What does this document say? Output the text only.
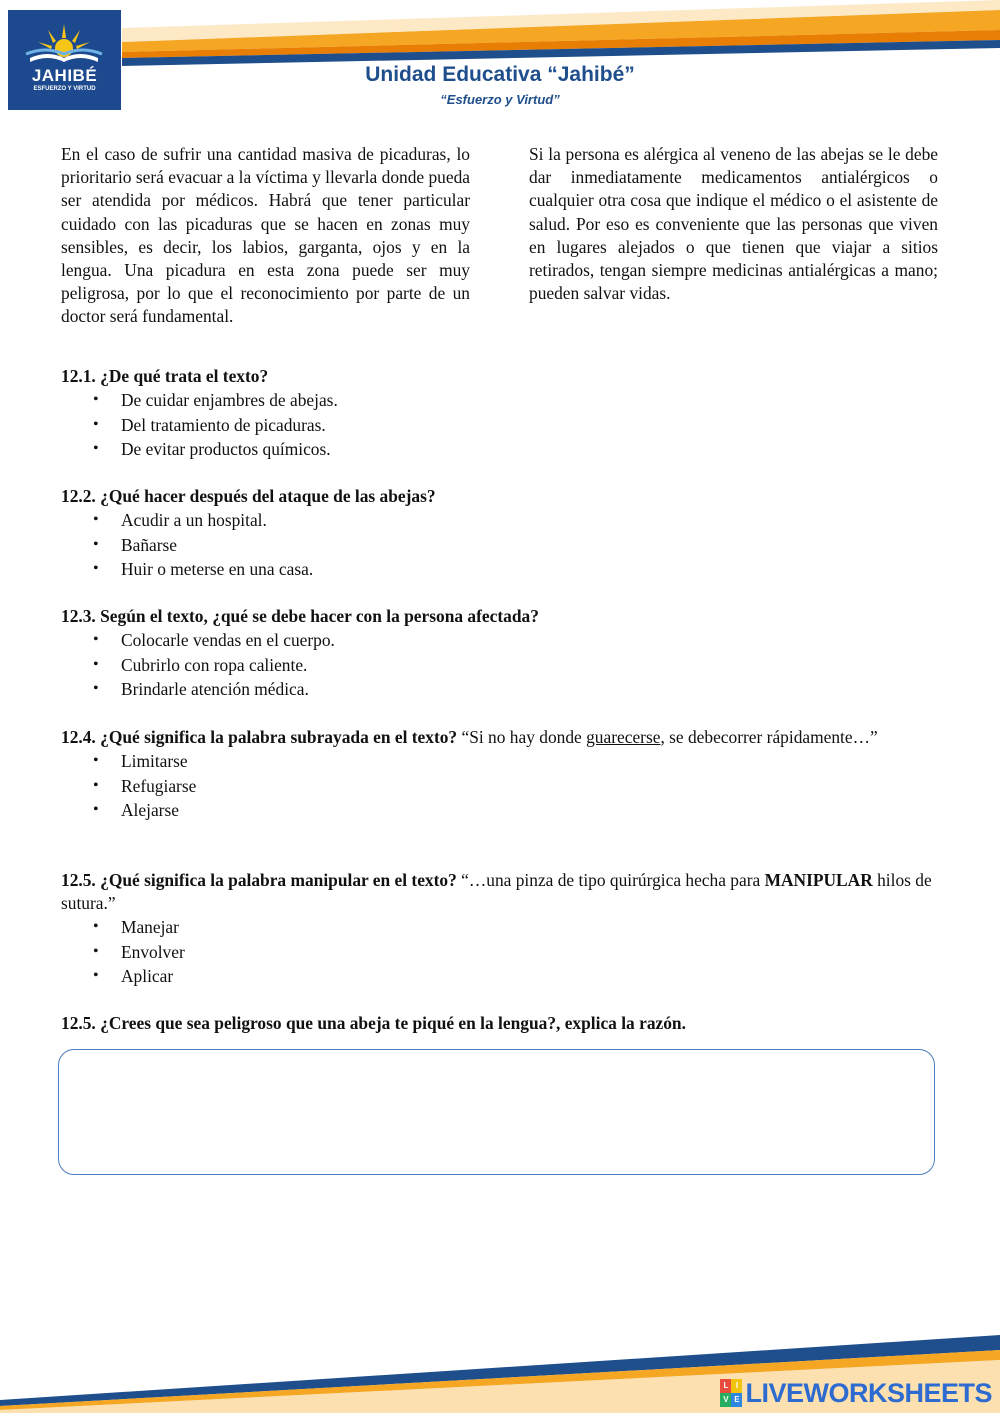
JAHIBÉ
ESFUERZO Y VIRTUD
Unidad Educativa “Jahibé”
“Esfuerzo y Virtud”
En el caso de sufrir una cantidad masiva de picaduras, lo prioritario será evacuar a la víctima y llevarla donde pueda ser atendida por médicos. Habrá que tener particular cuidado con las picaduras que se hacen en zonas muy sensibles, es decir, los labios, garganta, ojos y en la lengua. Una picadura en esta zona puede ser muy peligrosa, por lo que el reconocimiento por parte de un doctor será fundamental.
Si la persona es alérgica al veneno de las abejas se le debe dar inmediatamente medicamentos antialérgicos o cualquier otra cosa que indique el médico o el asistente de salud. Por eso es conveniente que las personas que viven en lugares alejados o que tienen que viajar a sitios retirados, tengan siempre medicinas antialérgicas a mano; pueden salvar vidas.
12.1. ¿De qué trata el texto?
• De cuidar enjambres de abejas.
• Del tratamiento de picaduras.
• De evitar productos químicos.
12.2. ¿Qué hacer después del ataque de las abejas?
• Acudir a un hospital.
• Bañarse
• Huir o meterse en una casa.
12.3. Según el texto, ¿qué se debe hacer con la persona afectada?
• Colocarle vendas en el cuerpo.
• Cubrirlo con ropa caliente.
• Brindarle atención médica.
12.4. ¿Qué significa la palabra subrayada en el texto? “Si no hay donde guarecerse, se debecorrer rápidamente…”
• Limitarse
• Refugiarse
• Alejarse
12.5. ¿Qué significa la palabra manipular en el texto? “…una pinza de tipo quirúrgica hecha para MANIPULAR hilos de sutura.”
• Manejar
• Envolver
• Aplicar
12.5. ¿Crees que sea peligroso que una abeja te piqué en la lengua?, explica la razón.
L I
V E LIVEWORKSHEETS
